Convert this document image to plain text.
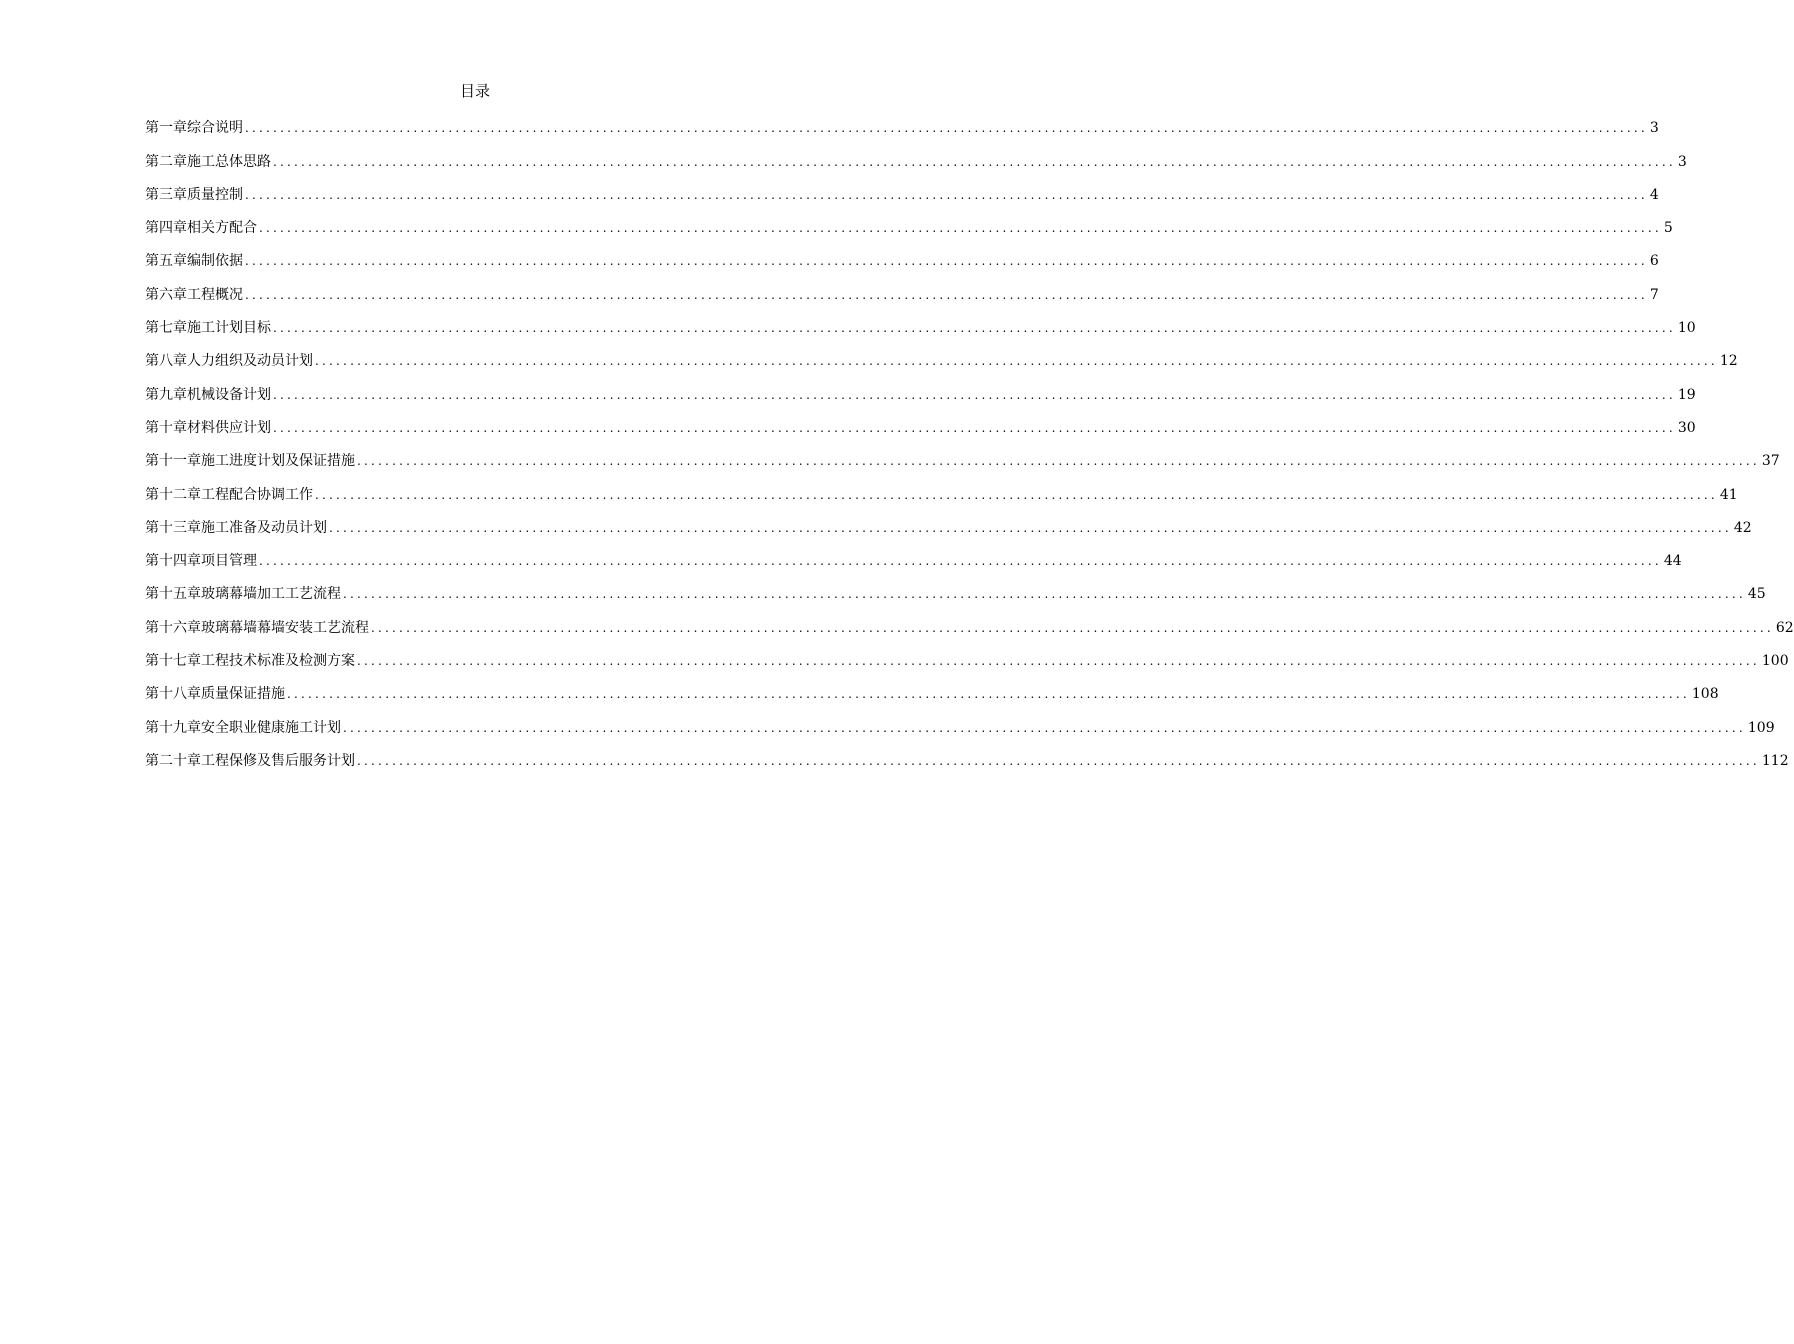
目录
第一章 综合说明 ........................................................................................................................................................................................................ 3
第二章 施工总体思路 ........................................................................................................................................................................................................ 3
第三章 质量控制 ........................................................................................................................................................................................................ 4
第四章 相关方配合 ........................................................................................................................................................................................................ 5
第五章 编制依据 ........................................................................................................................................................................................................ 6
第六章 工程概况 ........................................................................................................................................................................................................ 7
第七章 施工计划目标 ........................................................................................................................................................................................................ 10
第八章 人力组织及动员计划 ........................................................................................................................................................................................................ 12
第九章 机械设备计划 ........................................................................................................................................................................................................ 19
第十章 材料供应计划 ........................................................................................................................................................................................................ 30
第十一章 施工进度计划及保证措施 ........................................................................................................................................................................................................ 37
第十二章 工程配合协调工作 ........................................................................................................................................................................................................ 41
第十三章 施工准备及动员计划 ........................................................................................................................................................................................................ 42
第十四章 项目管理 ........................................................................................................................................................................................................ 44
第十五章 玻璃幕墙加工工艺流程 ........................................................................................................................................................................................................ 45
第十六章 玻璃幕墙幕墙安装工艺流程 ........................................................................................................................................................................................................ 62
第十七章 工程技术标准及检测方案 ........................................................................................................................................................................................................ 100
第十八章 质量保证措施 ........................................................................................................................................................................................................ 108
第十九章 安全职业健康施工计划 ........................................................................................................................................................................................................ 109
第二十章 工程保修及售后服务计划 ........................................................................................................................................................................................................ 112
